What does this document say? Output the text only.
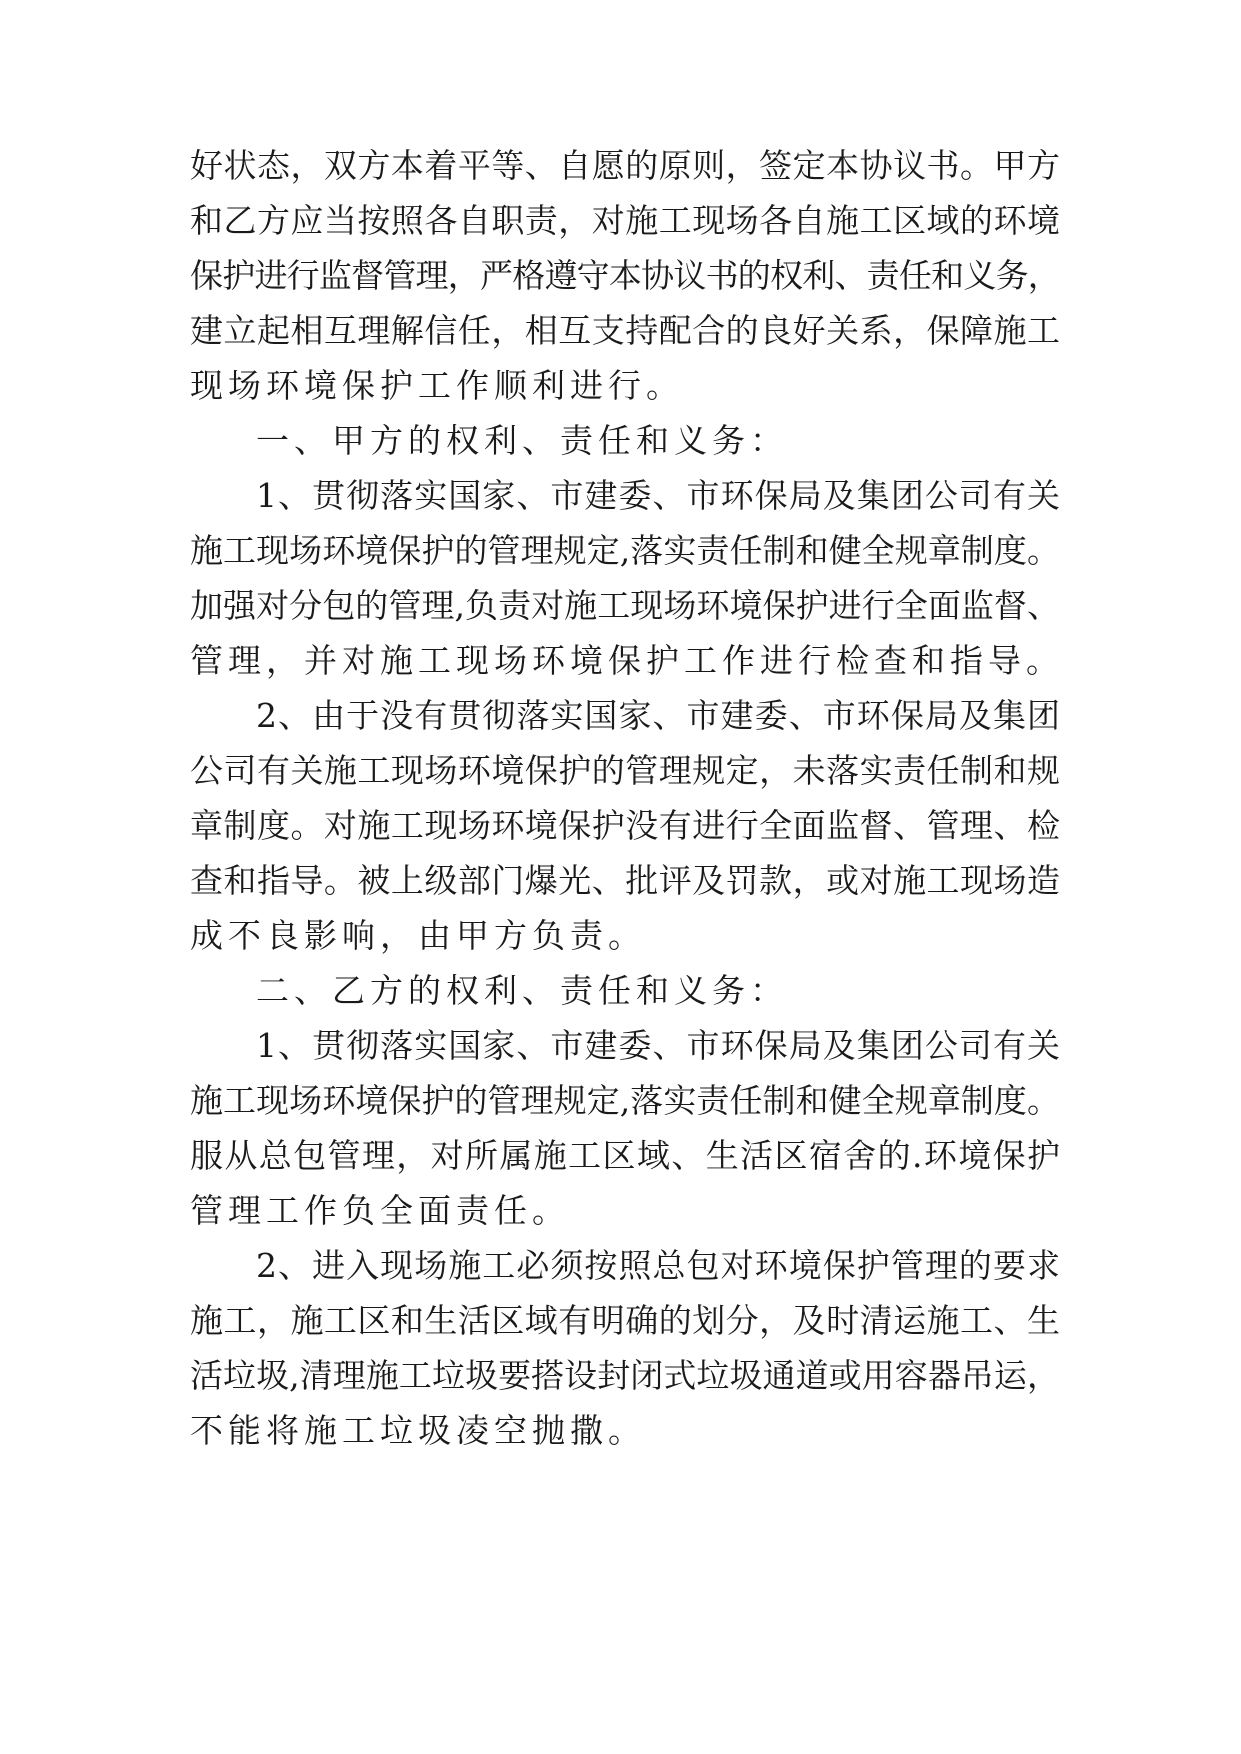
好状态，双方本着平等、自愿的原则，签定本协议书。甲方
和乙方应当按照各自职责，对施工现场各自施工区域的环境
保护进行监督管理，严格遵守本协议书的权利、责任和义务，
建立起相互理解信任，相互支持配合的良好关系，保障施工
现场环境保护工作顺利进行。
一、甲方的权利、责任和义务：
1、贯彻落实国家、市建委、市环保局及集团公司有关
施工现场环境保护的管理规定,落实责任制和健全规章制度。
加强对分包的管理,负责对施工现场环境保护进行全面监督、
管理，并对施工现场环境保护工作进行检查和指导。
2、由于没有贯彻落实国家、市建委、市环保局及集团
公司有关施工现场环境保护的管理规定，未落实责任制和规
章制度。对施工现场环境保护没有进行全面监督、管理、检
查和指导。被上级部门爆光、批评及罚款，或对施工现场造
成不良影响，由甲方负责。
二、乙方的权利、责任和义务：
1、贯彻落实国家、市建委、市环保局及集团公司有关
施工现场环境保护的管理规定,落实责任制和健全规章制度。
服从总包管理，对所属施工区域、生活区宿舍的.环境保护
管理工作负全面责任。
2、进入现场施工必须按照总包对环境保护管理的要求
施工，施工区和生活区域有明确的划分，及时清运施工、生
活垃圾,清理施工垃圾要搭设封闭式垃圾通道或用容器吊运，
不能将施工垃圾凌空抛撒。
